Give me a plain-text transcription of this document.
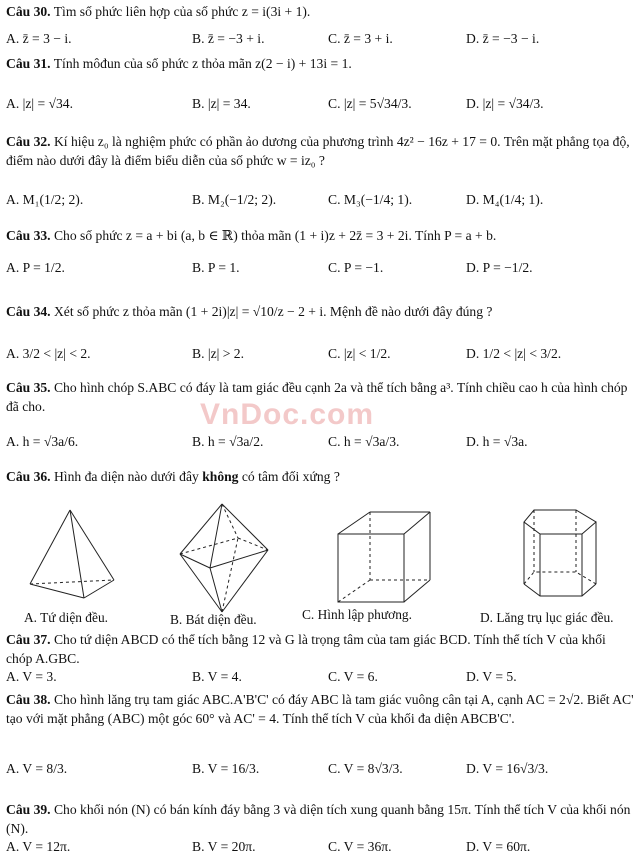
VnDoc.com
Câu 30. Tìm số phức liên hợp của số phức z = i(3i + 1).
A. z̄ = 3 − i.	B. z̄ = −3 + i.	C. z̄ = 3 + i.	D. z̄ = −3 − i.
Câu 31. Tính môđun của số phức z thỏa mãn z(2 − i) + 13i = 1.
A. |z| = √34.	B. |z| = 34.	C. |z| = 5√34/3.	D. |z| = √34/3.
Câu 32. Kí hiệu z₀ là nghiệm phức có phần ảo dương của phương trình 4z² − 16z + 17 = 0. Trên mặt phẳng tọa độ, điểm nào dưới đây là điểm biểu diễn của số phức w = iz₀ ?
A. M₁(1/2; 2).	B. M₂(−1/2; 2).	C. M₃(−1/4; 1).	D. M₄(1/4; 1).
Câu 33. Cho số phức z = a + bi (a, b ∈ ℝ) thỏa mãn (1 + i)z + 2z̄ = 3 + 2i. Tính P = a + b.
A. P = 1/2.	B. P = 1.	C. P = −1.	D. P = −1/2.
Câu 34. Xét số phức z thỏa mãn (1 + 2i)|z| = √10/z − 2 + i. Mệnh đề nào dưới đây đúng ?
A. 3/2 < |z| < 2.	B. |z| > 2.	C. |z| < 1/2.	D. 1/2 < |z| < 3/2.
Câu 35. Cho hình chóp S.ABC có đáy là tam giác đều cạnh 2a và thể tích bằng a³. Tính chiều cao h của hình chóp đã cho.
A. h = √3a/6.	B. h = √3a/2.	C. h = √3a/3.	D. h = √3a.
Câu 36. Hình đa diện nào dưới đây không có tâm đối xứng ?
A. Tứ diện đều.	B. Bát diện đều.	C. Hình lập phương.	D. Lăng trụ lục giác đều.
Câu 37. Cho tứ diện ABCD có thể tích bằng 12 và G là trọng tâm của tam giác BCD. Tính thể tích V của khối chóp A.GBC.
A. V = 3.	B. V = 4.	C. V = 6.	D. V = 5.
Câu 38. Cho hình lăng trụ tam giác ABC.A'B'C' có đáy ABC là tam giác vuông cân tại A, cạnh AC = 2√2. Biết AC' tạo với mặt phẳng (ABC) một góc 60° và AC' = 4. Tính thể tích V của khối đa diện ABCB'C'.
A. V = 8/3.	B. V = 16/3.	C. V = 8√3/3.	D. V = 16√3/3.
Câu 39. Cho khối nón (N) có bán kính đáy bằng 3 và diện tích xung quanh bằng 15π. Tính thể tích V của khối nón (N).
A. V = 12π.	B. V = 20π.	C. V = 36π.	D. V = 60π.
